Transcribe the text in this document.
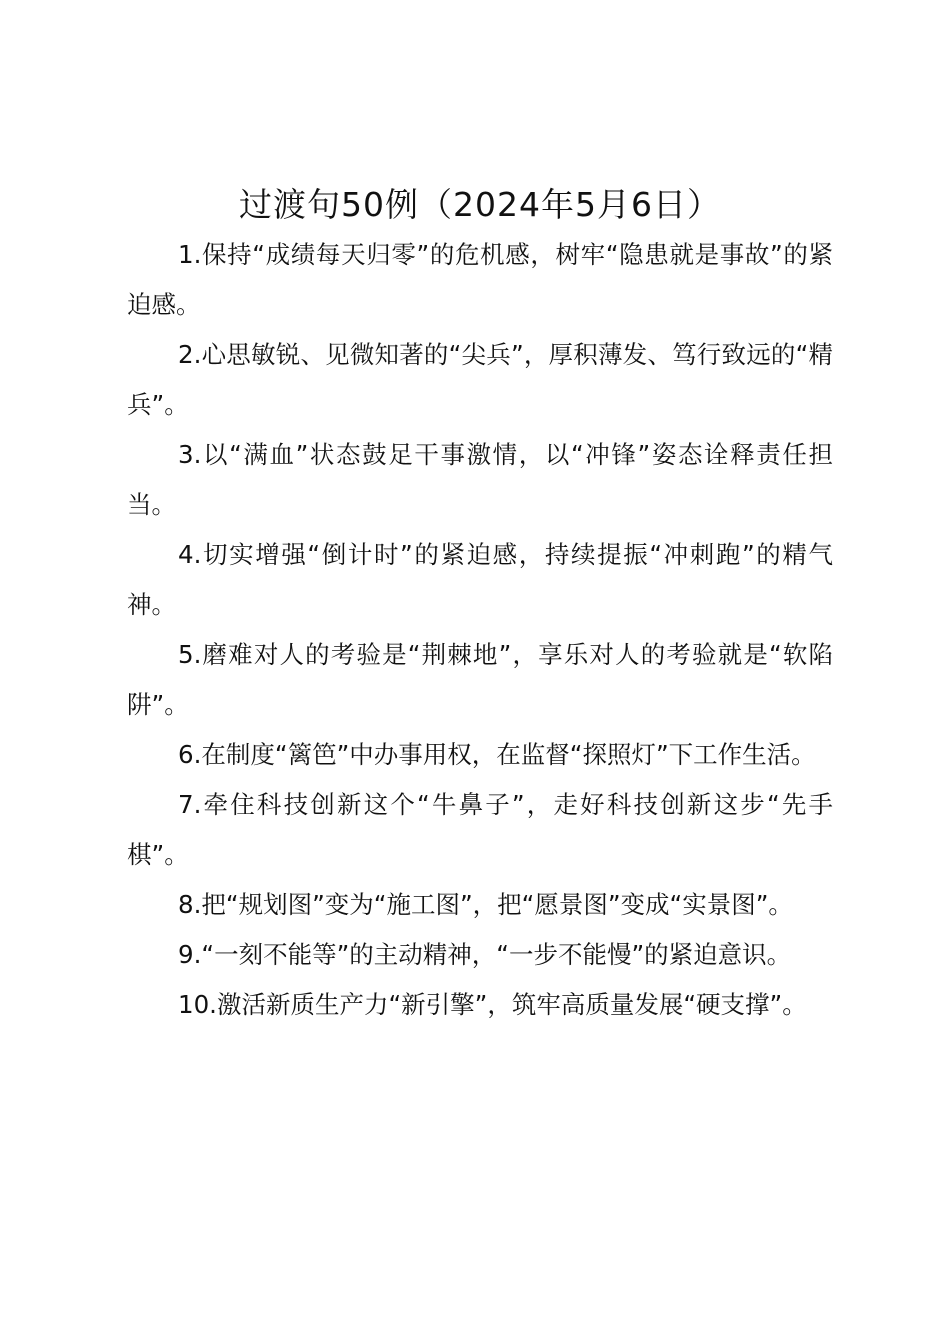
过渡句50例（2024年5月6日）

1.保持“成绩每天归零”的危机感，树牢“隐患就是事故”的紧迫感。

2.心思敏锐、见微知著的“尖兵”，厚积薄发、笃行致远的“精兵”。

3.以“满血”状态鼓足干事激情，以“冲锋”姿态诠释责任担当。

4.切实增强“倒计时”的紧迫感，持续提振“冲刺跑”的精气神。

5.磨难对人的考验是“荆棘地”，享乐对人的考验就是“软陷阱”。

6.在制度“篱笆”中办事用权，在监督“探照灯”下工作生活。

7.牵住科技创新这个“牛鼻子”，走好科技创新这步“先手棋”。

8.把“规划图”变为“施工图”，把“愿景图”变成“实景图”。

9.“一刻不能等”的主动精神，“一步不能慢”的紧迫意识。

10.激活新质生产力“新引擎”，筑牢高质量发展“硬支撑”。
